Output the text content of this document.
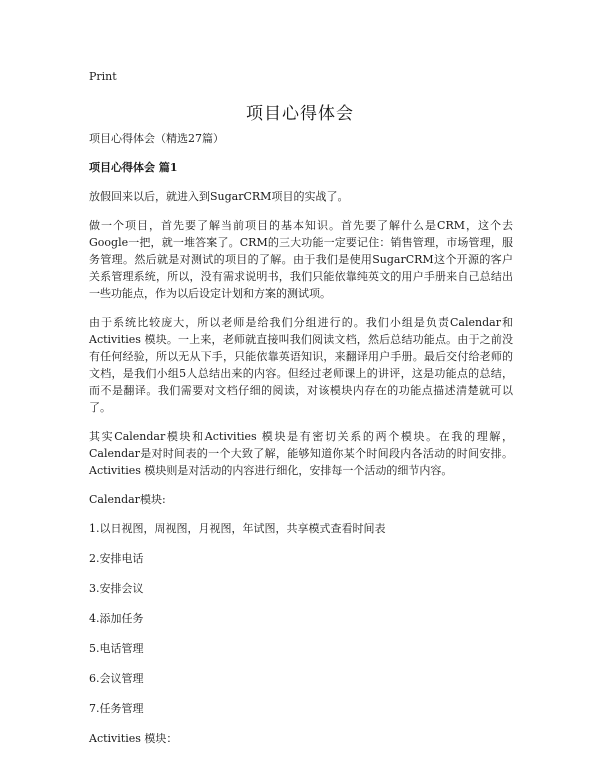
Print
项目心得体会

项目心得体会（精选27篇）

项目心得体会 篇1

放假回来以后，就进入到SugarCRM项目的实战了。

做一个项目，首先要了解当前项目的基本知识。首先要了解什么是CRM，这个去Google一把，就一堆答案了。CRM的三大功能一定要记住：销售管理，市场管理，服务管理。然后就是对测试的项目的了解。由于我们是使用SugarCRM这个开源的客户关系管理系统，所以，没有需求说明书，我们只能依靠纯英文的用户手册来自己总结出一些功能点，作为以后设定计划和方案的测试项。

由于系统比较庞大，所以老师是给我们分组进行的。我们小组是负责Calendar和Activities 模块。一上来，老师就直接叫我们阅读文档，然后总结功能点。由于之前没有任何经验，所以无从下手，只能依靠英语知识，来翻译用户手册。最后交付给老师的文档，是我们小组5人总结出来的内容。但经过老师课上的讲评，这是功能点的总结，而不是翻译。我们需要对文档仔细的阅读，对该模块内存在的功能点描述清楚就可以了。

其实Calendar模块和Activities 模块是有密切关系的两个模块。在我的理解，Calendar是对时间表的一个大致了解，能够知道你某个时间段内各活动的时间安排。Activities 模块则是对活动的内容进行细化，安排每一个活动的细节内容。

Calendar模块:

1.以日视图，周视图，月视图，年试图，共享模式查看时间表

2.安排电话

3.安排会议

4.添加任务

5.电话管理

6.会议管理

7.任务管理

Activities 模块：
